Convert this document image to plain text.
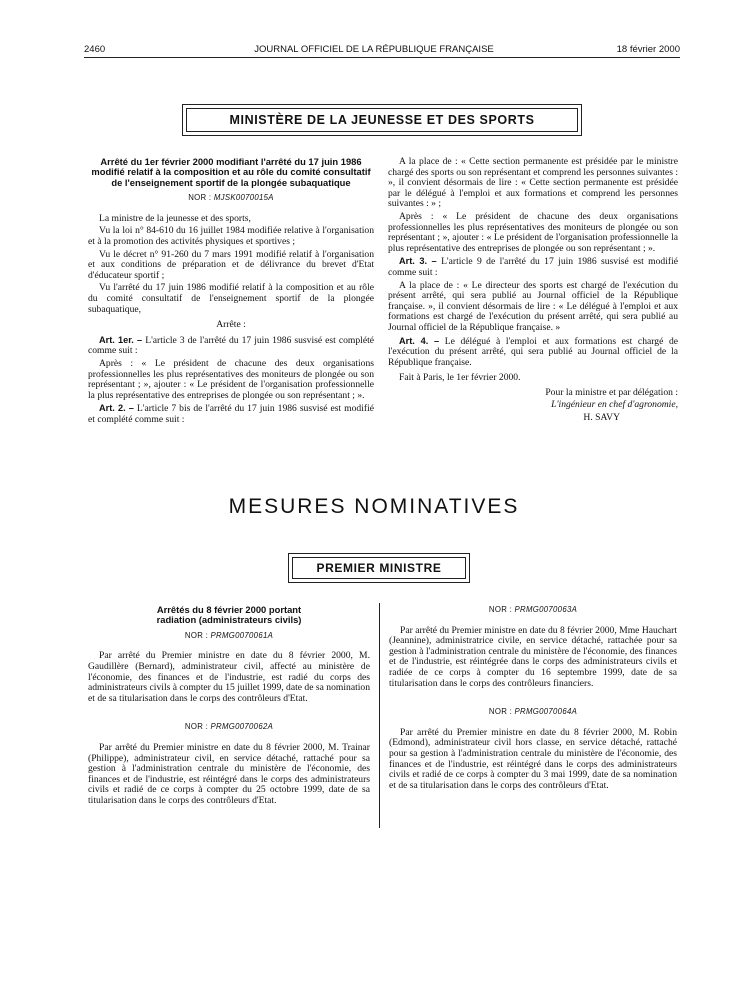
2460	JOURNAL OFFICIEL DE LA RÉPUBLIQUE FRANÇAISE	18 février 2000
MINISTÈRE DE LA JEUNESSE ET DES SPORTS
Arrêté du 1er février 2000 modifiant l'arrêté du 17 juin 1986 modifié relatif à la composition et au rôle du comité consultatif de l'enseignement sportif de la plongée subaquatique
NOR : MJSK0070015A

La ministre de la jeunesse et des sports,

Vu la loi n° 84-610 du 16 juillet 1984 modifiée relative à l'organisation et à la promotion des activités physiques et sportives ;

Vu le décret n° 91-260 du 7 mars 1991 modifié relatif à l'organisation et aux conditions de préparation et de délivrance du brevet d'Etat d'éducateur sportif ;

Vu l'arrêté du 17 juin 1986 modifié relatif à la composition et au rôle du comité consultatif de l'enseignement sportif de la plongée subaquatique,

Arrête :

Art. 1er. – L'article 3 de l'arrêté du 17 juin 1986 susvisé est complété comme suit :

Après : « Le président de chacune des deux organisations professionnelles les plus représentatives des moniteurs de plongée ou son représentant ; », ajouter : « Le président de l'organisation professionnelle la plus représentative des entreprises de plongée ou son représentant ; ».

Art. 2. – L'article 7 bis de l'arrêté du 17 juin 1986 susvisé est modifié et complété comme suit :

A la place de : « Cette section permanente est présidée par le ministre chargé des sports ou son représentant et comprend les personnes suivantes : », il convient désormais de lire : « Cette section permanente est présidée par le délégué à l'emploi et aux formations et comprend les personnes suivantes : » ;

Après : « Le président de chacune des deux organisations professionnelles les plus représentatives des moniteurs de plongée ou son représentant ; », ajouter : « Le président de l'organisation professionnelle la plus représentative des entreprises de plongée ou son représentant ; ».

Art. 3. – L'article 9 de l'arrêté du 17 juin 1986 susvisé est modifié comme suit :

A la place de : « Le directeur des sports est chargé de l'exécution du présent arrêté, qui sera publié au Journal officiel de la République française. », il convient désormais de lire : « Le délégué à l'emploi et aux formations est chargé de l'exécution du présent arrêté, qui sera publié au Journal officiel de la République française. »

Art. 4. – Le délégué à l'emploi et aux formations est chargé de l'exécution du présent arrêté, qui sera publié au Journal officiel de la République française.

Fait à Paris, le 1er février 2000.

Pour la ministre et par délégation :

L'ingénieur en chef d'agronomie,

H. SAVY

MESURES NOMINATIVES
PREMIER MINISTRE
Arrêtés du 8 février 2000 portant radiation (administrateurs civils)
NOR : PRMG0070061A

Par arrêté du Premier ministre en date du 8 février 2000, M. Gaudillère (Bernard), administrateur civil, affecté au ministère de l'économie, des finances et de l'industrie, est radié du corps des administrateurs civils à compter du 15 juillet 1999, date de sa nomination et de sa titularisation dans le corps des contrôleurs d'Etat.

NOR : PRMG0070062A

Par arrêté du Premier ministre en date du 8 février 2000, M. Trainar (Philippe), administrateur civil, en service détaché, rattaché pour sa gestion à l'administration centrale du ministère de l'économie, des finances et de l'industrie, est réintégré dans le corps des administrateurs civils et radié de ce corps à compter du 25 octobre 1999, date de sa titularisation dans le corps des contrôleurs d'Etat.

NOR : PRMG0070063A

Par arrêté du Premier ministre en date du 8 février 2000, Mme Hauchart (Jeannine), administratrice civile, en service détaché, rattachée pour sa gestion à l'administration centrale du ministère de l'économie, des finances et de l'industrie, est réintégrée dans le corps des administrateurs civils et radiée de ce corps à compter du 16 septembre 1999, date de sa titularisation dans le corps des contrôleurs financiers.

NOR : PRMG0070064A

Par arrêté du Premier ministre en date du 8 février 2000, M. Robin (Edmond), administrateur civil hors classe, en service détaché, rattaché pour sa gestion à l'administration centrale du ministère de l'économie, des finances et de l'industrie, est réintégré dans le corps des administrateurs civils et radié de ce corps à compter du 3 mai 1999, date de sa nomination et de sa titularisation dans le corps des contrôleurs d'Etat.
